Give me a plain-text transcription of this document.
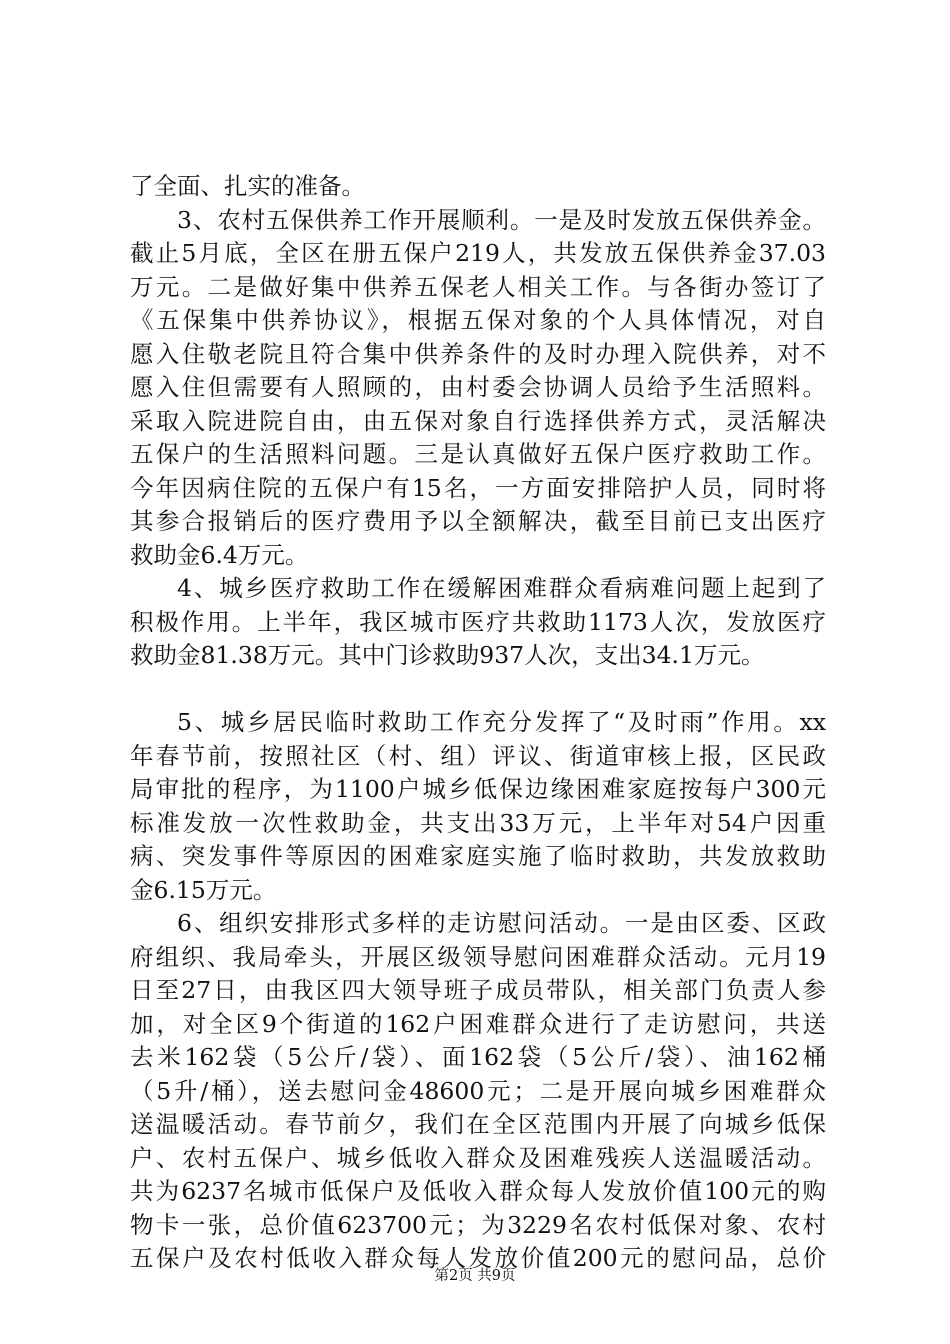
了全面、扎实的准备。
3、农村五保供养工作开展顺利。一是及时发放五保供养金。
截止5月底，全区在册五保户219人，共发放五保供养金37.03
万元。二是做好集中供养五保老人相关工作。与各街办签订了
《五保集中供养协议》，根据五保对象的个人具体情况，对自
愿入住敬老院且符合集中供养条件的及时办理入院供养，对不
愿入住但需要有人照顾的，由村委会协调人员给予生活照料。
采取入院进院自由，由五保对象自行选择供养方式，灵活解决
五保户的生活照料问题。三是认真做好五保户医疗救助工作。
今年因病住院的五保户有15名，一方面安排陪护人员，同时将
其参合报销后的医疗费用予以全额解决，截至目前已支出医疗
救助金6.4万元。
4、城乡医疗救助工作在缓解困难群众看病难问题上起到了
积极作用。上半年，我区城市医疗共救助1173人次，发放医疗
救助金81.38万元。其中门诊救助937人次，支出34.1万元。
5、城乡居民临时救助工作充分发挥了“及时雨”作用。xx
年春节前，按照社区（村、组）评议、街道审核上报，区民政
局审批的程序，为1100户城乡低保边缘困难家庭按每户300元
标准发放一次性救助金，共支出33万元，上半年对54户因重
病、突发事件等原因的困难家庭实施了临时救助，共发放救助
金6.15万元。
6、组织安排形式多样的走访慰问活动。一是由区委、区政
府组织、我局牵头，开展区级领导慰问困难群众活动。元月19
日至27日，由我区四大领导班子成员带队，相关部门负责人参
加，对全区9个街道的162户困难群众进行了走访慰问，共送
去米162袋（5公斤/袋）、面162袋（5公斤/袋）、油162桶
（5升/桶），送去慰问金48600元；二是开展向城乡困难群众
送温暖活动。春节前夕，我们在全区范围内开展了向城乡低保
户、农村五保户、城乡低收入群众及困难残疾人送温暖活动。
共为6237名城市低保户及低收入群众每人发放价值100元的购
物卡一张，总价值623700元；为3229名农村低保对象、农村
五保户及农村低收入群众每人发放价值200元的慰问品，总价
第2页 共9页
